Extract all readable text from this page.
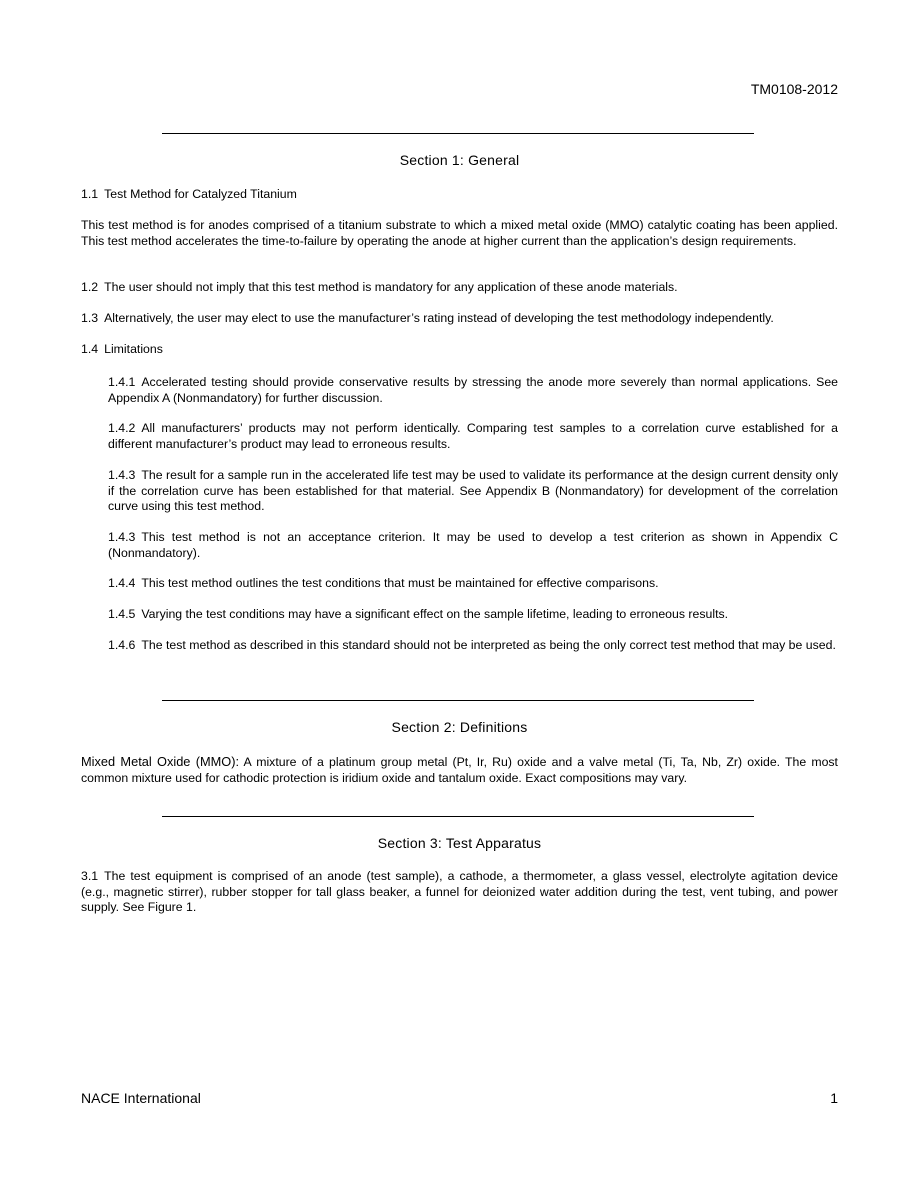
TM0108-2012
Section 1: General
1.1 Test Method for Catalyzed Titanium
This test method is for anodes comprised of a titanium substrate to which a mixed metal oxide (MMO) catalytic coating has been applied. This test method accelerates the time-to-failure by operating the anode at higher current than the application’s design requirements.
1.2 The user should not imply that this test method is mandatory for any application of these anode materials.
1.3 Alternatively, the user may elect to use the manufacturer’s rating instead of developing the test methodology independently.
1.4 Limitations
1.4.1 Accelerated testing should provide conservative results by stressing the anode more severely than normal applications. See Appendix A (Nonmandatory) for further discussion.
1.4.2 All manufacturers’ products may not perform identically. Comparing test samples to a correlation curve established for a different manufacturer’s product may lead to erroneous results.
1.4.3 The result for a sample run in the accelerated life test may be used to validate its performance at the design current density only if the correlation curve has been established for that material. See Appendix B (Nonmandatory) for development of the correlation curve using this test method.
1.4.3 This test method is not an acceptance criterion. It may be used to develop a test criterion as shown in Appendix C (Nonmandatory).
1.4.4 This test method outlines the test conditions that must be maintained for effective comparisons.
1.4.5 Varying the test conditions may have a significant effect on the sample lifetime, leading to erroneous results.
1.4.6 The test method as described in this standard should not be interpreted as being the only correct test method that may be used.
Section 2: Definitions
Mixed Metal Oxide (MMO): A mixture of a platinum group metal (Pt, Ir, Ru) oxide and a valve metal (Ti, Ta, Nb, Zr) oxide. The most common mixture used for cathodic protection is iridium oxide and tantalum oxide. Exact compositions may vary.
Section 3: Test Apparatus
3.1 The test equipment is comprised of an anode (test sample), a cathode, a thermometer, a glass vessel, electrolyte agitation device (e.g., magnetic stirrer), rubber stopper for tall glass beaker, a funnel for deionized water addition during the test, vent tubing, and power supply. See Figure 1.
NACE International	1
